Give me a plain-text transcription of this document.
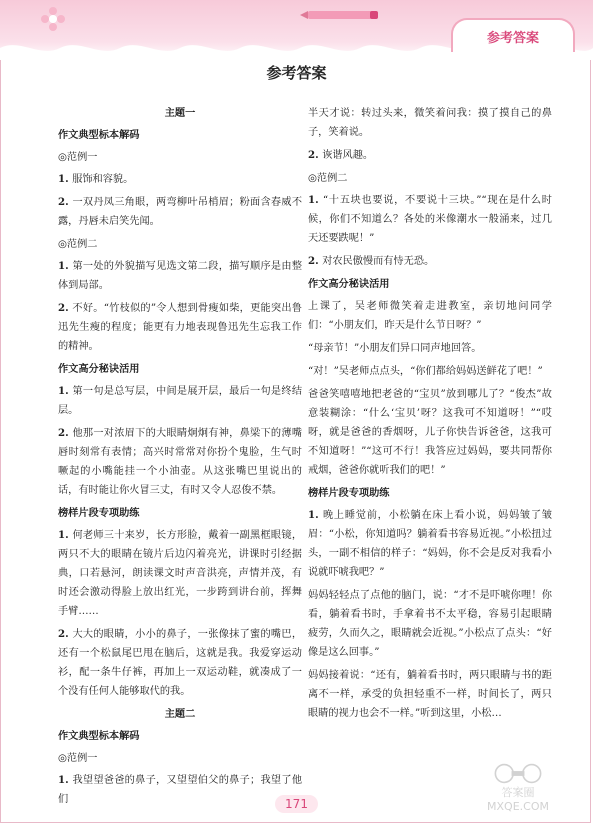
参考答案
参考答案

主题一

作文典型标本解码

◎范例一

1. 服饰和容貌。

2. 一双丹凤三角眼，两弯柳叶吊梢眉；粉面含春威不露，丹唇未启笑先闻。

◎范例二

1. 第一处的外貌描写见选文第二段，描写顺序是由整体到局部。

2. 不好。“竹枝似的”令人想到骨瘦如柴，更能突出鲁迅先生瘦的程度；能更有力地表现鲁迅先生忘我工作的精神。

作文高分秘诀活用

1. 第一句是总写层，中间是展开层，最后一句是终结层。

2. 他那一对浓眉下的大眼睛炯炯有神，鼻梁下的薄嘴唇时刻常有表情；高兴时常常对你扮个鬼脸，生气时噘起的小嘴能挂一个小油壶。从这张嘴巴里说出的话，有时能让你火冒三丈，有时又令人忍俊不禁。

榜样片段专项助练

1. 何老师三十来岁，长方形脸，戴着一副黑框眼镜，两只不大的眼睛在镜片后边闪着亮光，讲课时引经据典，口若悬河，朗读课文时声音洪亮，声情并茂，有时还会激动得脸上放出红光，一步跨到讲台前，挥舞手臂……

2. 大大的眼睛，小小的鼻子，一张像抹了蜜的嘴巴，还有一个松鼠尾巴甩在脑后，这就是我。我爱穿运动衫，配一条牛仔裤，再加上一双运动鞋，就凑成了一个没有任何人能够取代的我。

主题二

作文典型标本解码

◎范例一

1. 我望望爸爸的鼻子，又望望伯父的鼻子；我望了他们

半天才说：转过头来，微笑着问我：摸了摸自己的鼻子，笑着说。

2. 诙谐风趣。

◎范例二

1. “十五块也要说，不要说十三块。”“现在是什么时候，你们不知道么？各处的米像潮水一般涌来，过几天还要跌呢！”

2. 对农民傲慢而有恃无恐。

作文高分秘诀活用

上课了，吴老师微笑着走进教室，亲切地问同学们：“小朋友们，昨天是什么节日呀？”

“母亲节！”小朋友们异口同声地回答。

“对！”吴老师点点头，“你们都给妈妈送鲜花了吧！”

爸爸笑嘻嘻地把老爸的“宝贝”放到哪儿了？“俊杰”故意装糊涂：“什么‘宝贝’呀？这我可不知道呀！”“哎呀，就是爸爸的香烟呀，儿子你快告诉爸爸，这我可不知道呀！”“这可不行！我答应过妈妈，要共同帮你戒烟，爸爸你就听我们的吧！”

榜样片段专项助练

1. 晚上睡觉前，小松躺在床上看小说，妈妈皱了皱眉：“小松，你知道吗？躺着看书容易近视。”小松扭过头，一副不相信的样子：“妈妈，你不会是反对我看小说就吓唬我吧？”

妈妈轻轻点了点他的脑门，说：“才不是吓唬你哩！你看，躺着看书时，手拿着书不太平稳，容易引起眼睛疲劳，久而久之，眼睛就会近视。”小松点了点头：“好像是这么回事。”

妈妈接着说：“还有，躺着看书时，两只眼睛与书的距离不一样，承受的负担轻重不一样，时间长了，两只眼睛的视力也会不一样。”听到这里，小松…

171
答案圈
MXQE.COM
